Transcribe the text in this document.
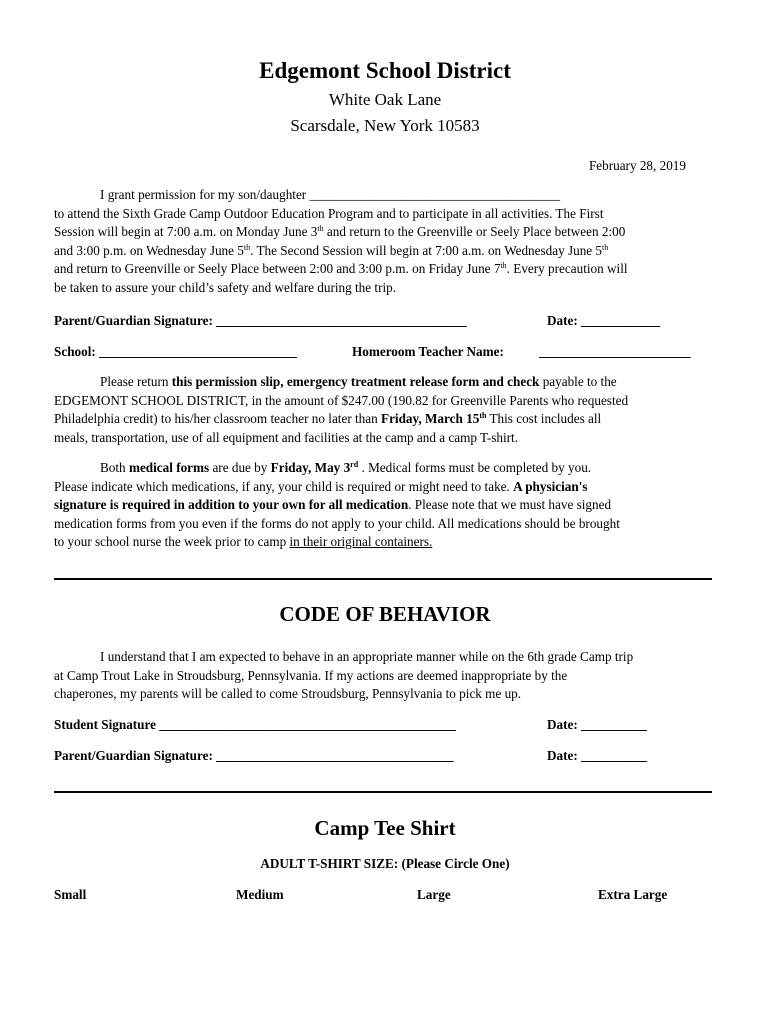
Edgemont School District
White Oak Lane
Scarsdale, New York 10583
February 28, 2019
I grant permission for my son/daughter ______________________________________
to attend the Sixth Grade Camp Outdoor Education Program and to participate in all activities. The First
Session will begin at 7:00 a.m. on Monday June 3th and return to the Greenville or Seely Place between 2:00
and 3:00 p.m. on Wednesday June 5th. The Second Session will begin at 7:00 a.m. on Wednesday June 5th
and return to Greenville or Seely Place between 2:00 and 3:00 p.m. on Friday June 7th. Every precaution will
be taken to assure your child’s safety and welfare during the trip.
Parent/Guardian Signature: ______________________________________	Date: ____________
School: ______________________________	Homeroom Teacher Name:	_______________________
Please return this permission slip, emergency treatment release form and check payable to the
EDGEMONT SCHOOL DISTRICT, in the amount of $247.00 (190.82 for Greenville Parents who requested
Philadelphia credit) to his/her classroom teacher no later than Friday, March 15th This cost includes all
meals, transportation, use of all equipment and facilities at the camp and a camp T-shirt.
Both medical forms are due by Friday, May 3rd . Medical forms must be completed by you.
Please indicate which medications, if any, your child is required or might need to take. A physician's
signature is required in addition to your own for all medication. Please note that we must have signed
medication forms from you even if the forms do not apply to your child. All medications should be brought
to your school nurse the week prior to camp in their original containers.
CODE OF BEHAVIOR
I understand that I am expected to behave in an appropriate manner while on the 6th grade Camp trip
at Camp Trout Lake in Stroudsburg, Pennsylvania. If my actions are deemed inappropriate by the
chaperones, my parents will be called to come Stroudsburg, Pennsylvania to pick me up.
Student Signature _____________________________________________	Date: __________
Parent/Guardian Signature: ____________________________________	Date: __________
Camp Tee Shirt
ADULT T-SHIRT SIZE: (Please Circle One)
Small	Medium	Large	Extra Large
